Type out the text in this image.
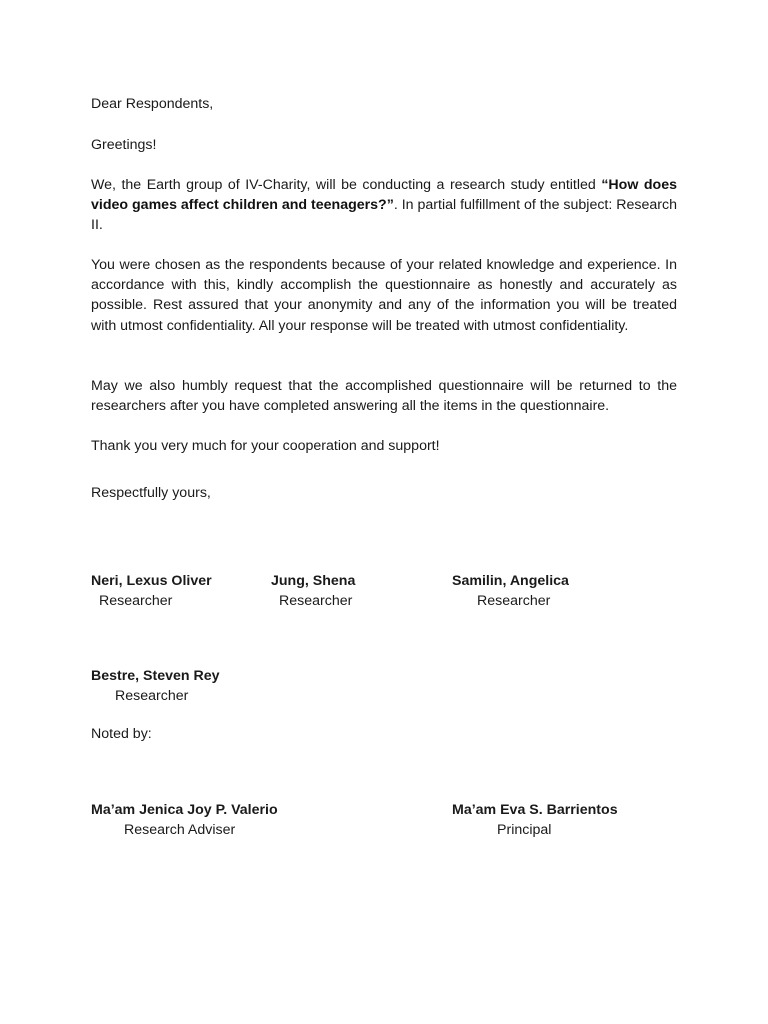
Dear Respondents,

Greetings!

We, the Earth group of IV-Charity, will be conducting a research study entitled “How does video games affect children and teenagers?”. In partial fulfillment of the subject: Research II.

You were chosen as the respondents because of your related knowledge and experience. In accordance with this, kindly accomplish the questionnaire as honestly and accurately as possible. Rest assured that your anonymity and any of the information you will be treated with utmost confidentiality. All your response will be treated with utmost confidentiality.

May we also humbly request that the accomplished questionnaire will be returned to the researchers after you have completed answering all the items in the questionnaire.

Thank you very much for your cooperation and support!

Respectfully yours,

Neri, Lexus Oliver
Researcher
Jung, Shena
Researcher
Samilin, Angelica
Researcher
Bestre, Steven Rey
Researcher

Noted by:

Ma’am Jenica Joy P. Valerio
Research Adviser
Ma’am Eva S. Barrientos
Principal
